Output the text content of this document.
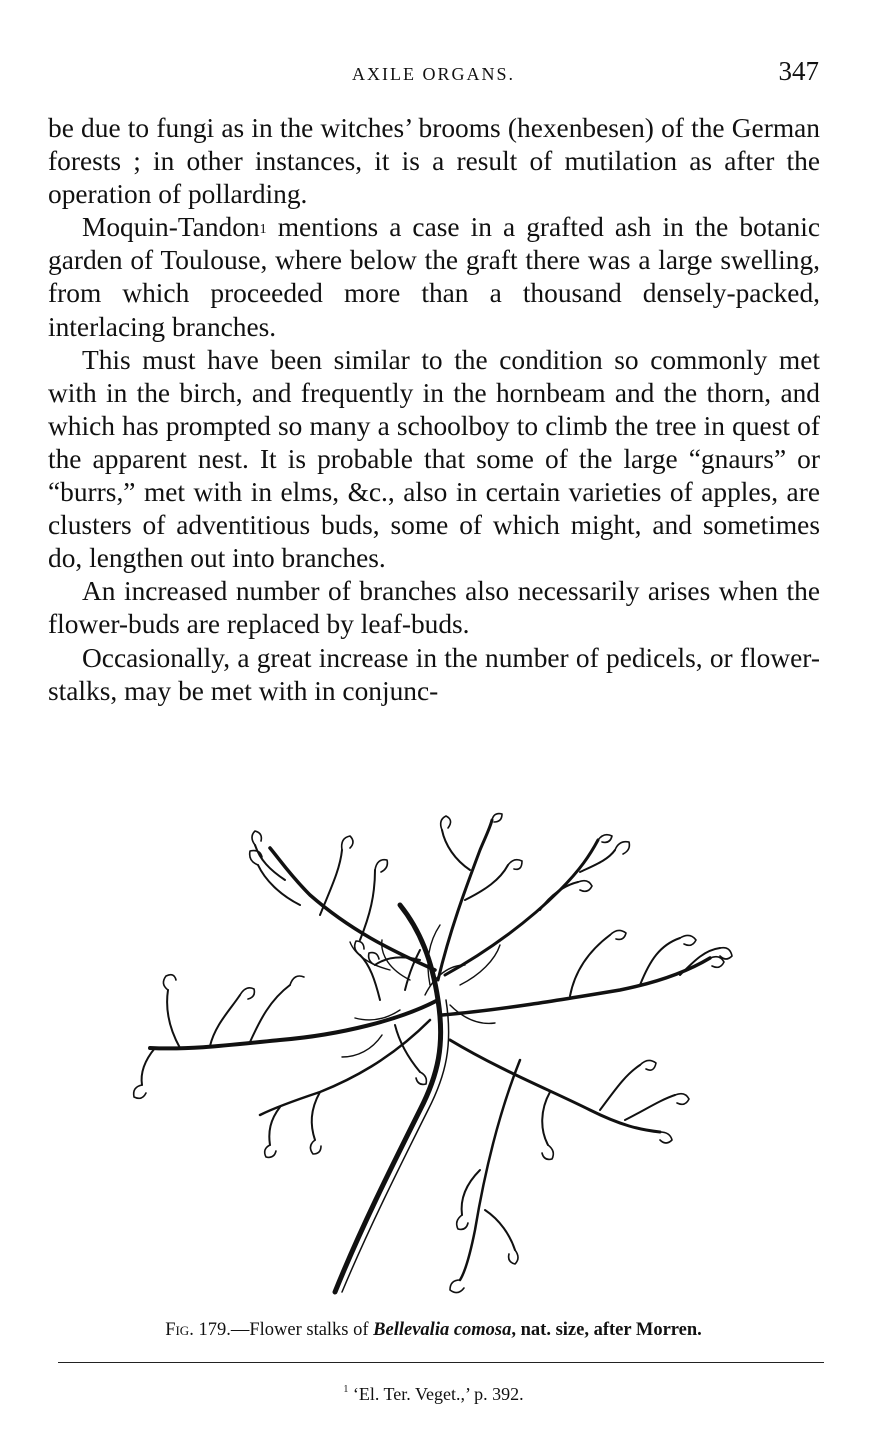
AXILE ORGANS.	347

be due to fungi as in the witches’ brooms (hexenbesen) of the German forests ; in other instances, it is a result of mutilation as after the operation of pollarding.

Moquin-Tandon$^1$ mentions a case in a grafted ash in the botanic garden of Toulouse, where below the graft there was a large swelling, from which proceeded more than a thousand densely-packed, interlacing branches.

This must have been similar to the condition so commonly met with in the birch, and frequently in the hornbeam and the thorn, and which has prompted so many a schoolboy to climb the tree in quest of the apparent nest. It is probable that some of the large “gnaurs” or “burrs,” met with in elms, &c., also in certain varieties of apples, are clusters of adventitious buds, some of which might, and sometimes do, lengthen out into branches.

An increased number of branches also necessarily arises when the flower-buds are replaced by leaf-buds.

Occasionally, a great increase in the number of pedicels, or flower-stalks, may be met with in conjunc-

Fig. 179.—Flower stalks of Bellevalia comosa, nat. size, after Morren.
$^1$ ‘El. Ter. Veget.,’ p. 392.
